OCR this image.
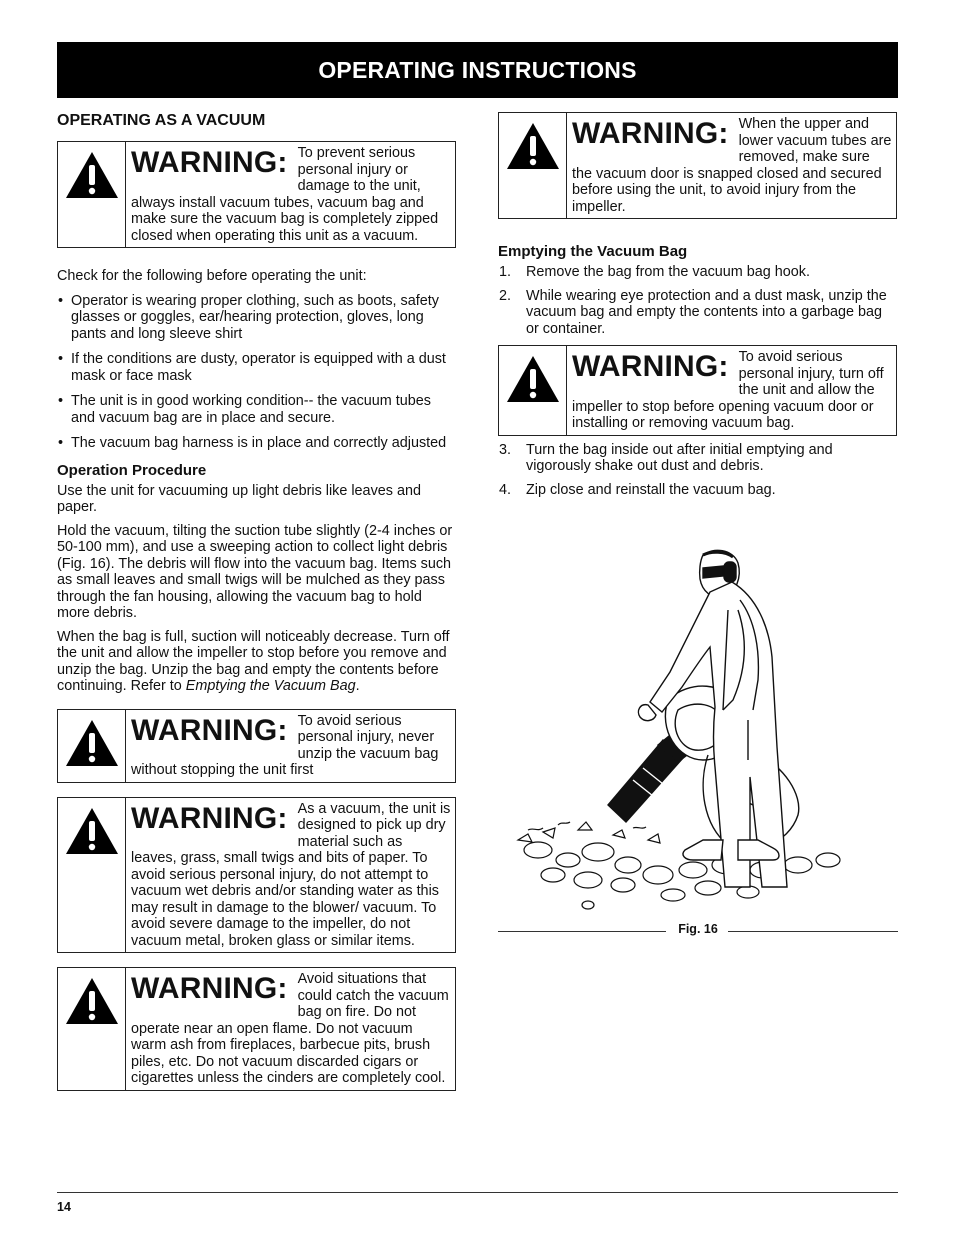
OPERATING INSTRUCTIONS
OPERATING AS A VACUUM
WARNING: To prevent serious personal injury or damage to the unit, always install vacuum tubes, vacuum bag and make sure the vacuum bag is completely zipped closed when operating this unit as a vacuum.

Check for the following before operating the unit:

• Operator is wearing proper clothing, such as boots, safety glasses or goggles, ear/hearing protection, gloves, long pants and long sleeve shirt
• If the conditions are dusty, operator is equipped with a dust mask or face mask
• The unit is in good working condition-- the vacuum tubes and vacuum bag are in place and secure.
• The vacuum bag harness is in place and correctly adjusted
Operation Procedure

Use the unit for vacuuming up light debris like leaves and paper.

Hold the vacuum, tilting the suction tube slightly (2-4 inches or 50-100 mm), and use a sweeping action to collect light debris (Fig. 16). The debris will flow into the vacuum bag. Items such as small leaves and small twigs will be mulched as they pass through the fan housing, allowing the vacuum bag to hold more debris.

When the bag is full, suction will noticeably decrease. Turn off the unit and allow the impeller to stop before you remove and unzip the bag. Unzip the bag and empty the contents before continuing. Refer to Emptying the Vacuum Bag.

WARNING: To avoid serious personal injury, never unzip the vacuum bag without stopping the unit first
WARNING: As a vacuum, the unit is designed to pick up dry material such as leaves, grass, small twigs and bits of paper. To avoid serious personal injury, do not attempt to vacuum wet debris and/or standing water as this may result in damage to the blower/ vacuum. To avoid severe damage to the impeller, do not vacuum metal, broken glass or similar items.
WARNING: Avoid situations that could catch the vacuum bag on fire. Do not operate near an open flame. Do not vacuum warm ash from fireplaces, barbecue pits, brush piles, etc. Do not vacuum discarded cigars or cigarettes unless the cinders are completely cool.
WARNING: When the upper and lower vacuum tubes are removed, make sure the vacuum door is snapped closed and secured before using the unit, to avoid injury from the impeller.
Emptying the Vacuum Bag
1. Remove the bag from the vacuum bag hook.
2. While wearing eye protection and a dust mask, unzip the vacuum bag and empty the contents into a garbage bag or container.
WARNING: To avoid serious personal injury, turn off the unit and allow the impeller to stop before opening vacuum door or installing or removing vacuum bag.
3. Turn the bag inside out after initial emptying and vigorously shake out dust and debris.
4. Zip close and reinstall the vacuum bag.
Fig. 16
14
